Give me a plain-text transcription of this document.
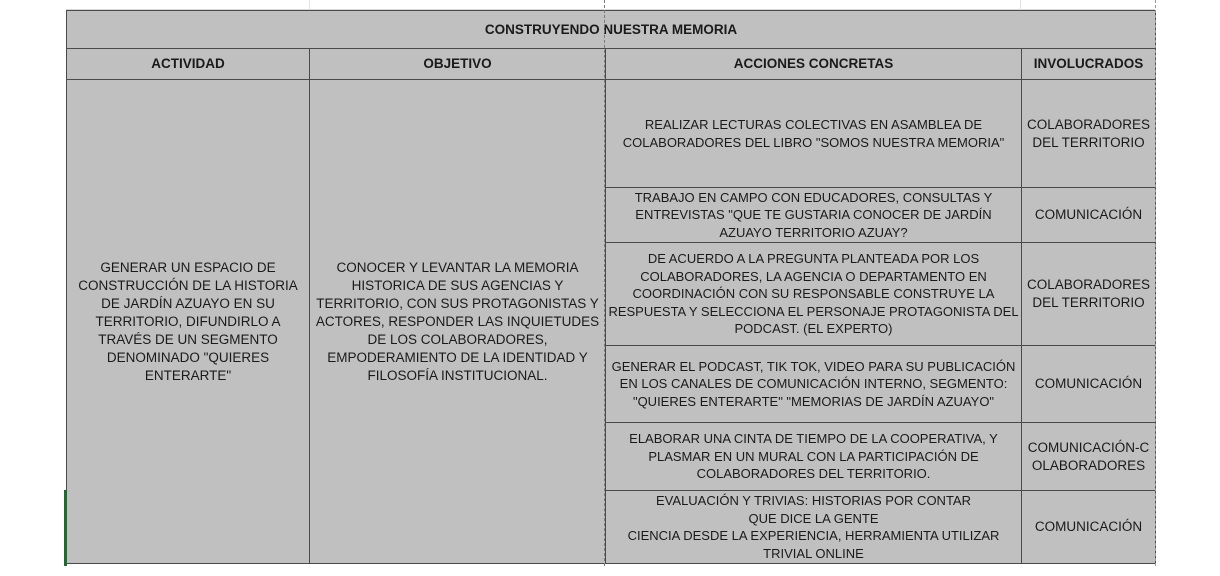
CONSTRUYENDO NUESTRA MEMORIA			
ACTIVIDAD	OBJETIVO	ACCIONES CONCRETAS	INVOLUCRADOS
GENERAR UN ESPACIO DE CONSTRUCCIÓN DE LA HISTORIA DE JARDÍN AZUAYO EN SU TERRITORIO, DIFUNDIRLO A TRAVÉS DE UN SEGMENTO DENOMINADO "QUIERES ENTERARTE"	CONOCER Y LEVANTAR LA MEMORIA HISTORICA DE SUS AGENCIAS Y TERRITORIO, CON SUS PROTAGONISTAS Y ACTORES, RESPONDER LAS INQUIETUDES DE LOS COLABORADORES, EMPODERAMIENTO DE LA IDENTIDAD Y FILOSOFÍA INSTITUCIONAL.	REALIZAR LECTURAS COLECTIVAS EN ASAMBLEA DE COLABORADORES DEL LIBRO "SOMOS NUESTRA MEMORIA"	COLABORADORES DEL TERRITORIO
		TRABAJO EN CAMPO CON EDUCADORES, CONSULTAS Y ENTREVISTAS "QUE TE GUSTARIA CONOCER DE JARDÍN AZUAYO TERRITORIO AZUAY?	COMUNICACIÓN
		DE ACUERDO A LA PREGUNTA PLANTEADA POR LOS COLABORADORES, LA AGENCIA O DEPARTAMENTO EN COORDINACIÓN CON SU RESPONSABLE CONSTRUYE LA RESPUESTA Y SELECCIONA EL PERSONAJE PROTAGONISTA DEL PODCAST. (EL EXPERTO)	COLABORADORES DEL TERRITORIO
		GENERAR EL PODCAST, TIK TOK, VIDEO PARA SU PUBLICACIÓN EN LOS CANALES DE COMUNICACIÓN INTERNO, SEGMENTO: "QUIERES ENTERARTE" "MEMORIAS DE JARDÍN AZUAYO"	COMUNICACIÓN
		ELABORAR UNA CINTA DE TIEMPO DE LA COOPERATIVA, Y PLASMAR EN UN MURAL CON LA PARTICIPACIÓN DE COLABORADORES DEL TERRITORIO.	COMUNICACIÓN-COLABORADORES
		EVALUACIÓN Y TRIVIAS: HISTORIAS POR CONTAR
QUE DICE LA GENTE
CIENCIA DESDE LA EXPERIENCIA, HERRAMIENTA UTILIZAR TRIVIAL ONLINE	COMUNICACIÓN
